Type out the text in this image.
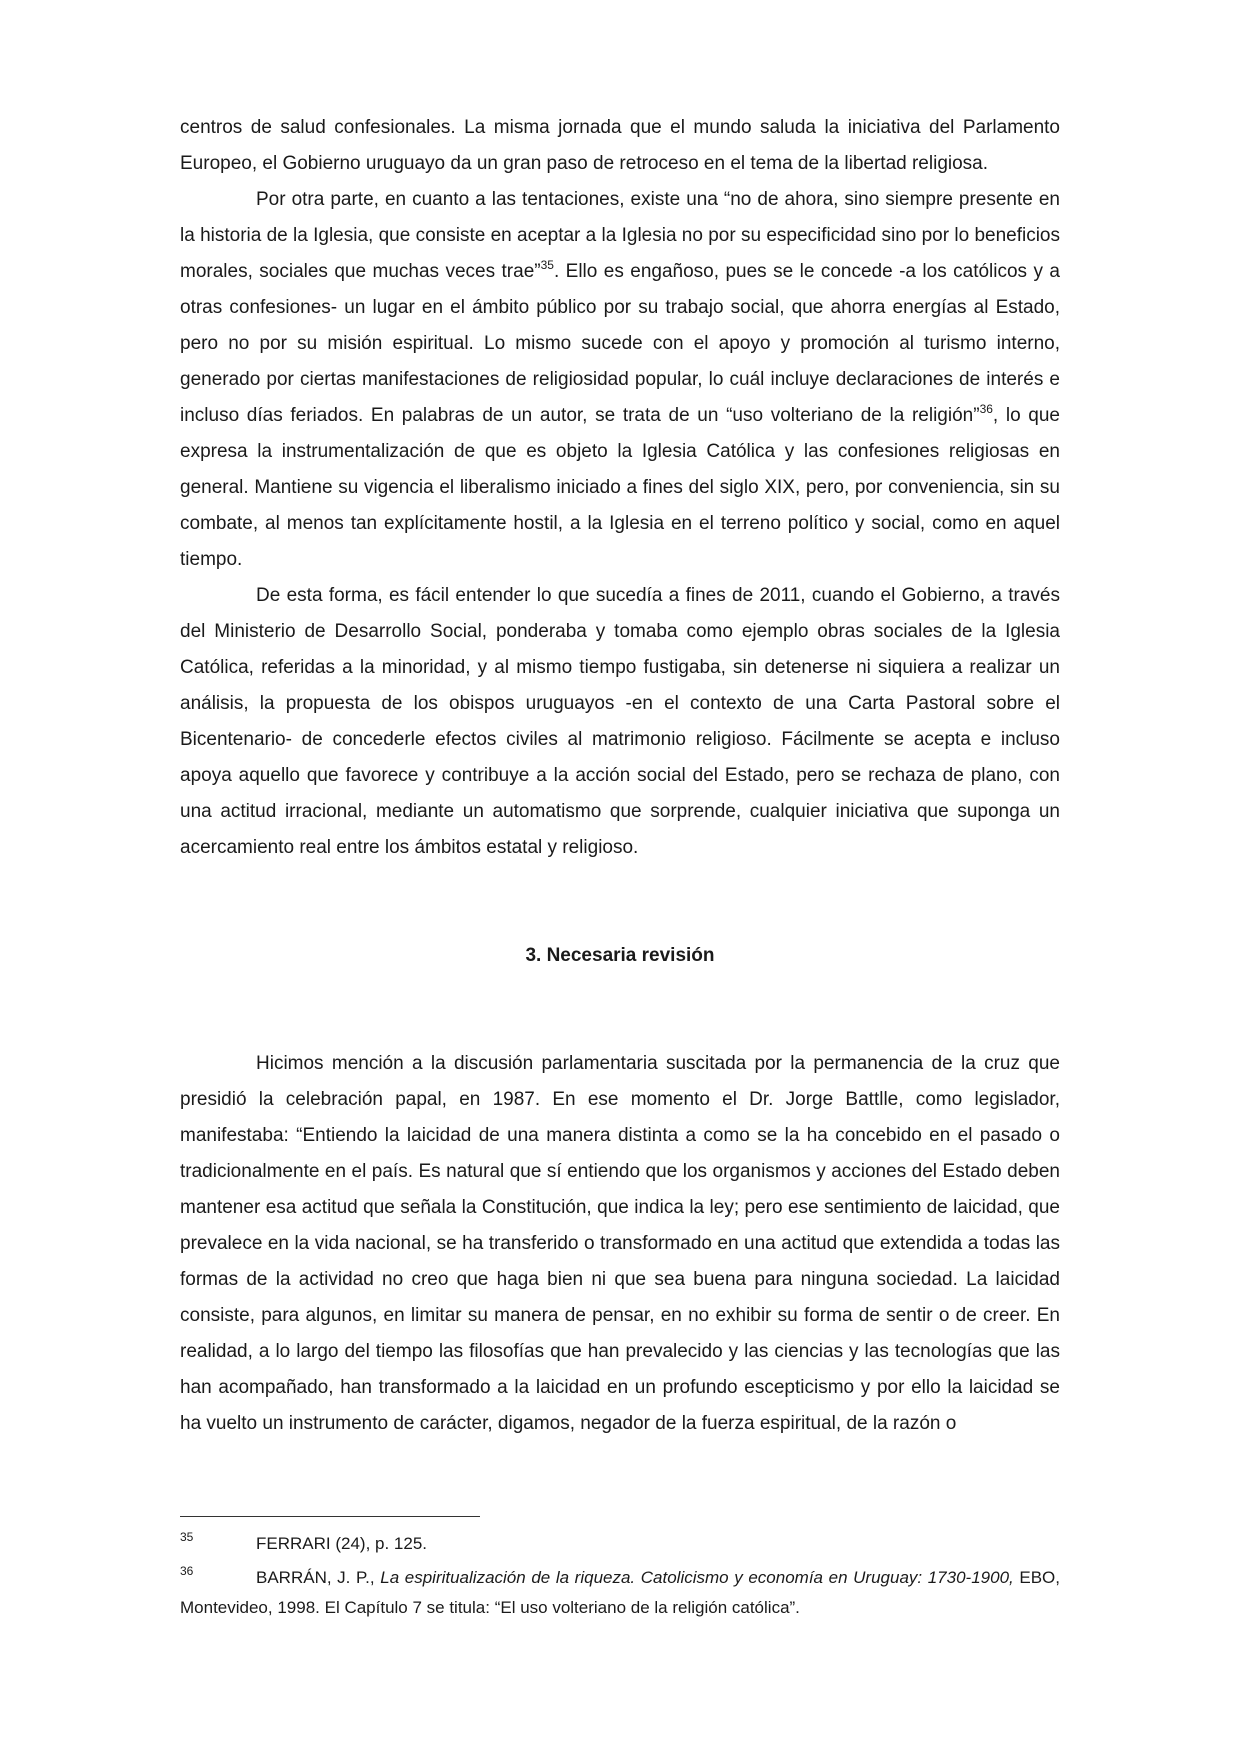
centros de salud confesionales. La misma jornada que el mundo saluda la iniciativa del Parlamento Europeo, el Gobierno uruguayo da un gran paso de retroceso en el tema de la libertad religiosa.

Por otra parte, en cuanto a las tentaciones, existe una “no de ahora, sino siempre presente en la historia de la Iglesia, que consiste en aceptar a la Iglesia no por su especificidad sino por lo beneficios morales, sociales que muchas veces trae”$^{35}$. Ello es engañoso, pues se le concede -a los católicos y a otras confesiones- un lugar en el ámbito público por su trabajo social, que ahorra energías al Estado, pero no por su misión espiritual. Lo mismo sucede con el apoyo y promoción al turismo interno, generado por ciertas manifestaciones de religiosidad popular, lo cuál incluye declaraciones de interés e incluso días feriados. En palabras de un autor, se trata de un “uso volteriano de la religión”$^{36}$, lo que expresa la instrumentalización de que es objeto la Iglesia Católica y las confesiones religiosas en general. Mantiene su vigencia el liberalismo iniciado a fines del siglo XIX, pero, por conveniencia, sin su combate, al menos tan explícitamente hostil, a la Iglesia en el terreno político y social, como en aquel tiempo.

De esta forma, es fácil entender lo que sucedía a fines de 2011, cuando el Gobierno, a través del Ministerio de Desarrollo Social, ponderaba y tomaba como ejemplo obras sociales de la Iglesia Católica, referidas a la minoridad, y al mismo tiempo fustigaba, sin detenerse ni siquiera a realizar un análisis, la propuesta de los obispos uruguayos -en el contexto de una Carta Pastoral sobre el Bicentenario- de concederle efectos civiles al matrimonio religioso. Fácilmente se acepta e incluso apoya aquello que favorece y contribuye a la acción social del Estado, pero se rechaza de plano, con una actitud irracional, mediante un automatismo que sorprende, cualquier iniciativa que suponga un acercamiento real entre los ámbitos estatal y religioso.

3. Necesaria revisión

Hicimos mención a la discusión parlamentaria suscitada por la permanencia de la cruz que presidió la celebración papal, en 1987. En ese momento el Dr. Jorge Battlle, como legislador, manifestaba: “Entiendo la laicidad de una manera distinta a como se la ha concebido en el pasado o tradicionalmente en el país. Es natural que sí entiendo que los organismos y acciones del Estado deben mantener esa actitud que señala la Constitución, que indica la ley; pero ese sentimiento de laicidad, que prevalece en la vida nacional, se ha transferido o transformado en una actitud que extendida a todas las formas de la actividad no creo que haga bien ni que sea buena para ninguna sociedad. La laicidad consiste, para algunos, en limitar su manera de pensar, en no exhibir su forma de sentir o de creer. En realidad, a lo largo del tiempo las filosofías que han prevalecido y las ciencias y las tecnologías que las han acompañado, han transformado a la laicidad en un profundo escepticismo y por ello la laicidad se ha vuelto un instrumento de carácter, digamos, negador de la fuerza espiritual, de la razón o

35	FERRARI (24), p. 125.

36	BARRÁN, J. P., La espiritualización de la riqueza. Catolicismo y economía en Uruguay: 1730-1900, EBO, Montevideo, 1998. El Capítulo 7 se titula: “El uso volteriano de la religión católica”.
